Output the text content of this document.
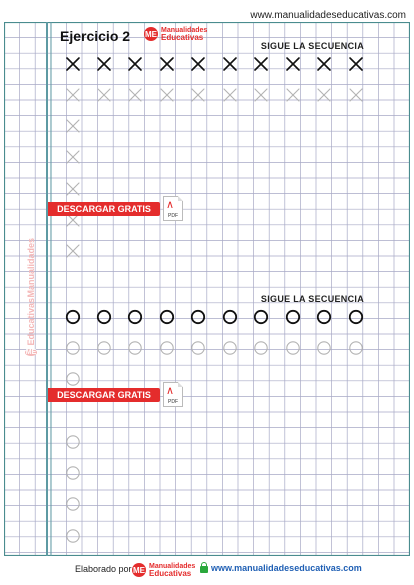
www.manualidadeseducativas.com
Ejercicio 2 ME Manualidades
Educativas
SIGUE LA SECUENCIA
SIGUE LA SECUENCIA
DESCARGAR GRATIS	∧
PDF
DESCARGAR GRATIS	∧
PDF
Manualidades
Educativas
ME
Elaborado por ME Manualidades
Educativas
www.manualidadeseducativas.com
